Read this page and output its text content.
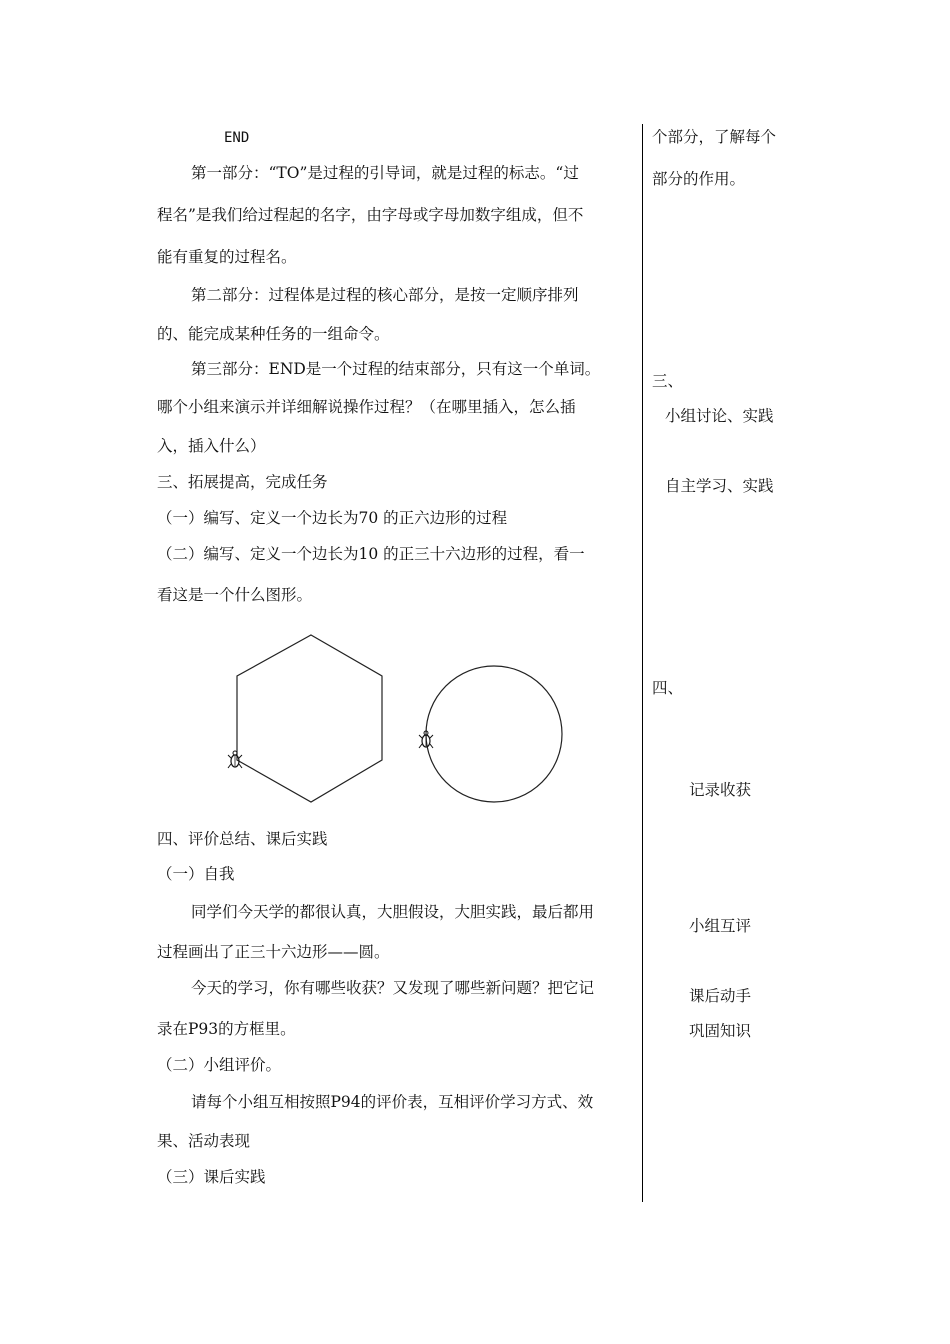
END
第一部分：“TO”是过程的引导词，就是过程的标志。“过
程名”是我们给过程起的名字，由字母或字母加数字组成，但不
能有重复的过程名。
第二部分：过程体是过程的核心部分，是按一定顺序排列
的、能完成某种任务的一组命令。
第三部分：END是一个过程的结束部分，只有这一个单词。
哪个小组来演示并详细解说操作过程？（在哪里插入，怎么插
入，插入什么）
三、拓展提高，完成任务
（一）编写、定义一个边长为70 的正六边形的过程
（二）编写、定义一个边长为10 的正三十六边形的过程，看一
看这是一个什么图形。
四、评价总结、课后实践
（一）自我
同学们今天学的都很认真，大胆假设，大胆实践，最后都用
过程画出了正三十六边形——圆。
今天的学习，你有哪些收获？又发现了哪些新问题？把它记
录在P93的方框里。
（二）小组评价。
请每个小组互相按照P94的评价表，互相评价学习方式、效
果、活动表现
（三）课后实践
个部分，了解每个
部分的作用。
三、
小组讨论、实践
自主学习、实践
四、
记录收获
小组互评
课后动手
巩固知识
